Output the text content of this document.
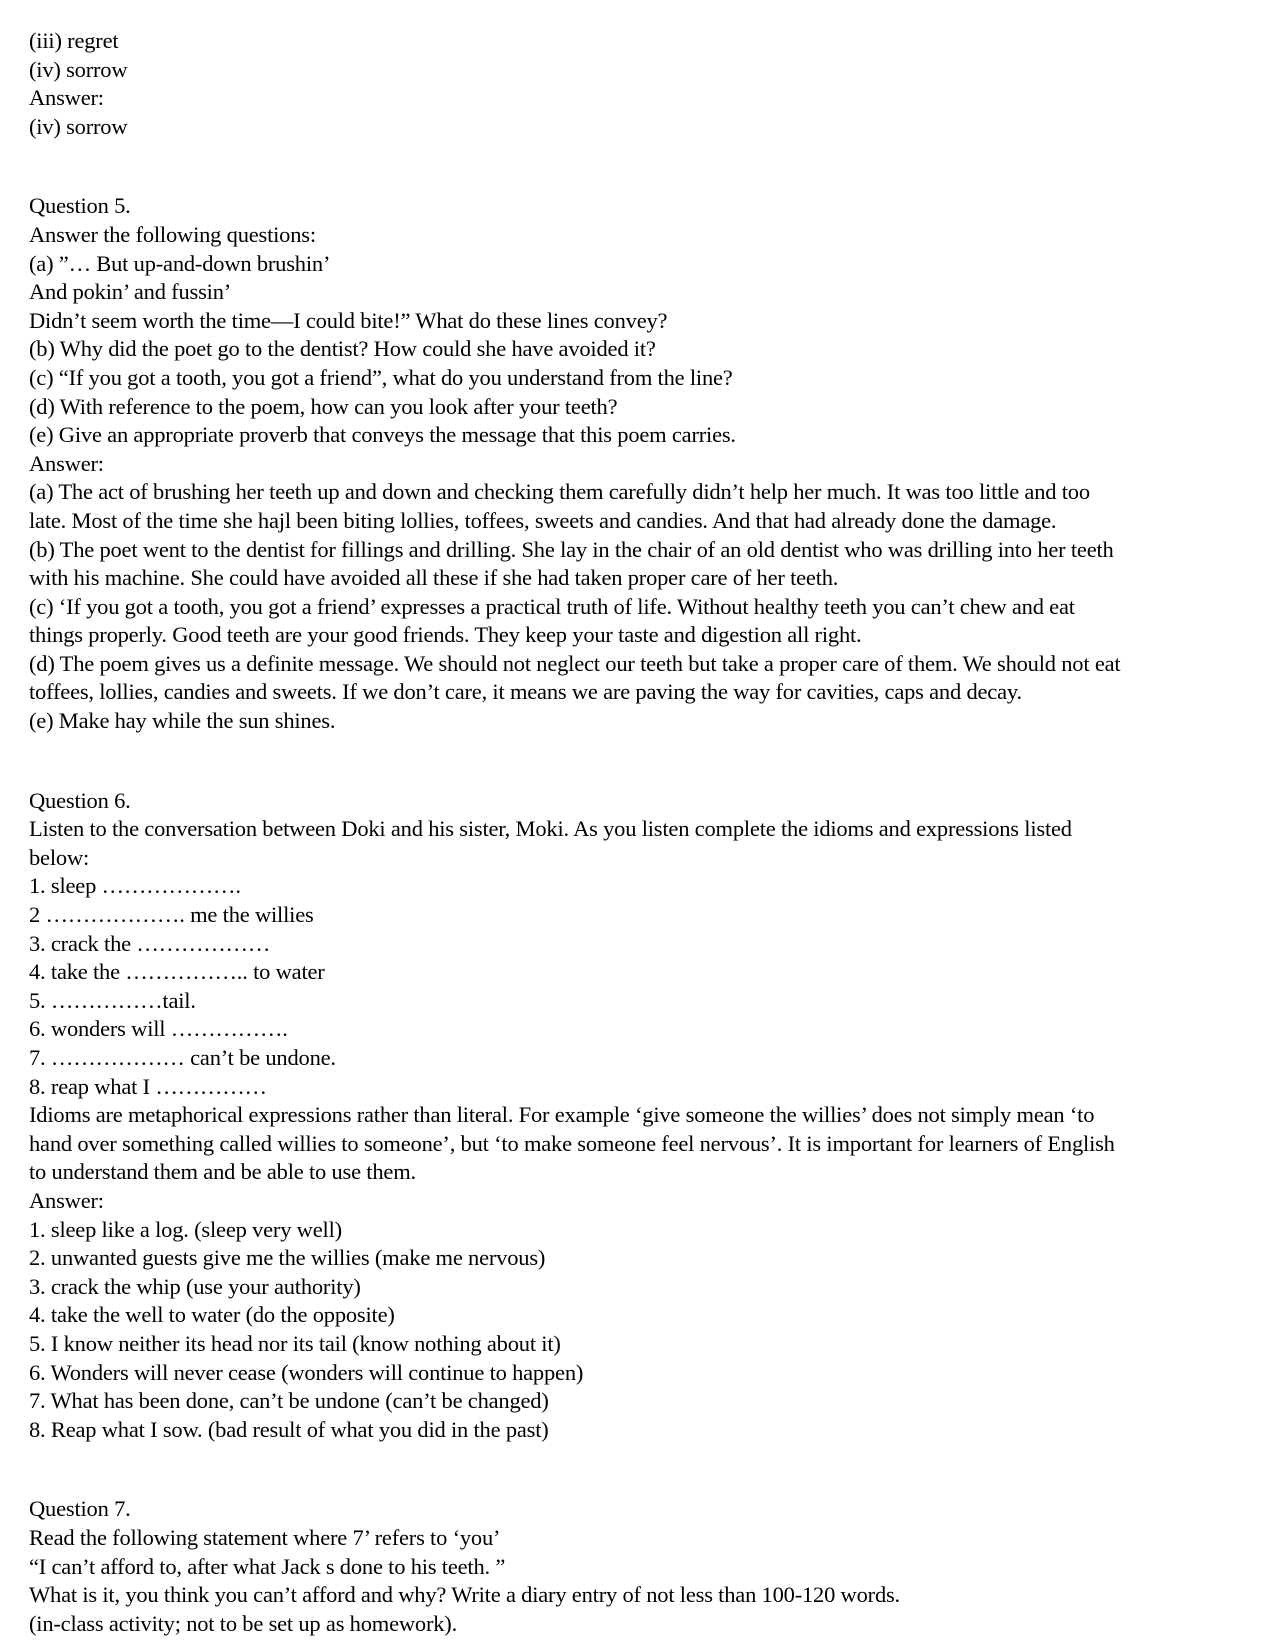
(iii) regret
(iv) sorrow
Answer:
(iv) sorrow
Question 5.
Answer the following questions:
(a) ”… But up-and-down brushin’
And pokin’ and fussin’
Didn’t seem worth the time—I could bite!” What do these lines convey?
(b) Why did the poet go to the dentist? How could she have avoided it?
(c) “If you got a tooth, you got a friend”, what do you understand from the line?
(d) With reference to the poem, how can you look after your teeth?
(e) Give an appropriate proverb that conveys the message that this poem carries.
Answer:
(a) The act of brushing her teeth up and down and checking them carefully didn’t help her much. It was too little and too
late. Most of the time she hajl been biting lollies, toffees, sweets and candies. And that had already done the damage.
(b) The poet went to the dentist for fillings and drilling. She lay in the chair of an old dentist who was drilling into her teeth
with his machine. She could have avoided all these if she had taken proper care of her teeth.
(c) ‘If you got a tooth, you got a friend’ expresses a practical truth of life. Without healthy teeth you can’t chew and eat
things properly. Good teeth are your good friends. They keep your taste and digestion all right.
(d) The poem gives us a definite message. We should not neglect our teeth but take a proper care of them. We should not eat
toffees, lollies, candies and sweets. If we don’t care, it means we are paving the way for cavities, caps and decay.
(e) Make hay while the sun shines.
Question 6.
Listen to the conversation between Doki and his sister, Moki. As you listen complete the idioms and expressions listed
below:
1. sleep ……………….
2 ………………. me the willies
3. crack the ………………
4. take the …………….. to water
5. ……………tail.
6. wonders will …………….
7. ……………… can’t be undone.
8. reap what I ……………
Idioms are metaphorical expressions rather than literal. For example ‘give someone the willies’ does not simply mean ‘to
hand over something called willies to someone’, but ‘to make someone feel nervous’. It is important for learners of English
to understand them and be able to use them.
Answer:
1. sleep like a log. (sleep very well)
2. unwanted guests give me the willies (make me nervous)
3. crack the whip (use your authority)
4. take the well to water (do the opposite)
5. I know neither its head nor its tail (know nothing about it)
6. Wonders will never cease (wonders will continue to happen)
7. What has been done, can’t be undone (can’t be changed)
8. Reap what I sow. (bad result of what you did in the past)
Question 7.
Read the following statement where 7’ refers to ‘you’
“I can’t afford to, after what Jack s done to his teeth. ”
What is it, you think you can’t afford and why? Write a diary entry of not less than 100-120 words.
(in-class activity; not to be set up as homework).
